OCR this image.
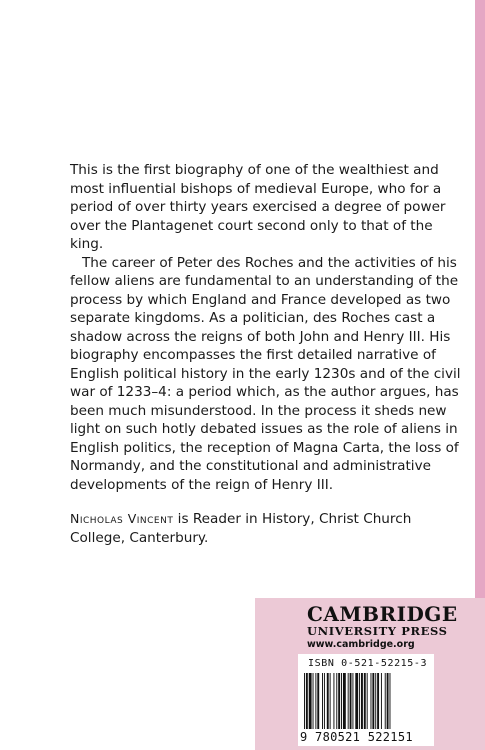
This is the first biography of one of the wealthiest and most influential bishops of medieval Europe, who for a period of over thirty years exercised a degree of power over the Plantagenet court second only to that of the king.

The career of Peter des Roches and the activities of his fellow aliens are fundamental to an understanding of the process by which England and France developed as two separate kingdoms. As a politician, des Roches cast a shadow across the reigns of both John and Henry III. His biography encompasses the first detailed narrative of English political history in the early 1230s and of the civil war of 1233–4: a period which, as the author argues, has been much misunderstood. In the process it sheds new light on such hotly debated issues as the role of aliens in English politics, the reception of Magna Carta, the loss of Normandy, and the constitutional and administrative developments of the reign of Henry III.

Nicholas Vincent is Reader in History, Christ Church College, Canterbury.
CAMBRIDGE
UNIVERSITY PRESS
www.cambridge.org
ISBN 0-521-52215-3
9 780521 522151
